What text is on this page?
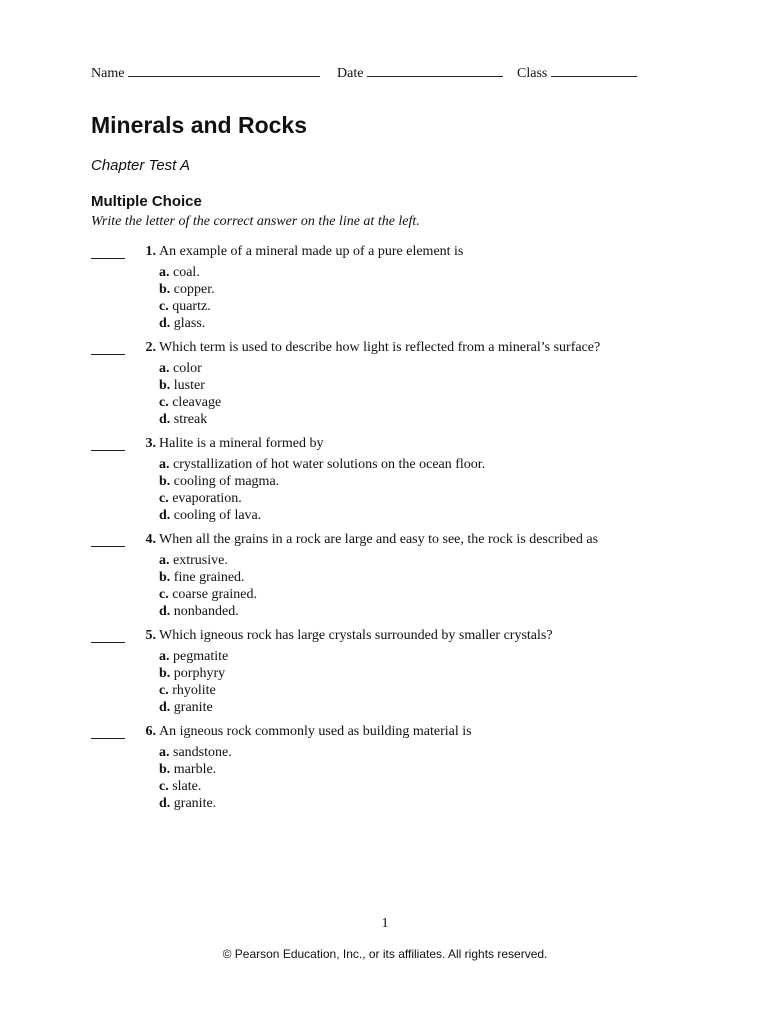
Name	Date	Class
Minerals and Rocks
Chapter Test A
Multiple Choice
Write the letter of the correct answer on the line at the left.
1. An example of a mineral made up of a pure element is
a. coal.
b. copper.
c. quartz.
d. glass.
2. Which term is used to describe how light is reflected from a mineral’s surface?
a. color
b. luster
c. cleavage
d. streak
3. Halite is a mineral formed by
a. crystallization of hot water solutions on the ocean floor.
b. cooling of magma.
c. evaporation.
d. cooling of lava.
4. When all the grains in a rock are large and easy to see, the rock is described as
a. extrusive.
b. fine grained.
c. coarse grained.
d. nonbanded.
5. Which igneous rock has large crystals surrounded by smaller crystals?
a. pegmatite
b. porphyry
c. rhyolite
d. granite
6. An igneous rock commonly used as building material is
a. sandstone.
b. marble.
c. slate.
d. granite.
1
© Pearson Education, Inc., or its affiliates. All rights reserved.
